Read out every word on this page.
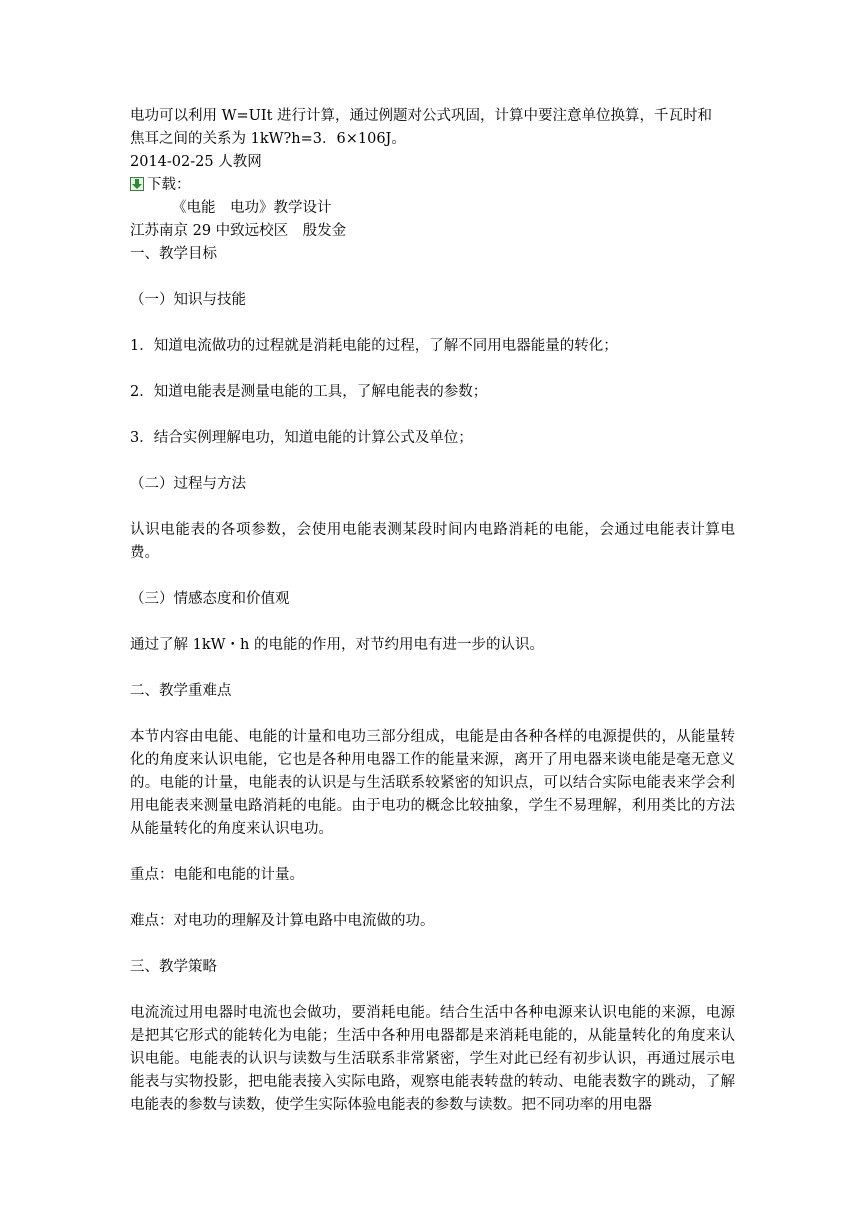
电功可以利用 W=UIt 进行计算，通过例题对公式巩固，计算中要注意单位换算，千瓦时和

焦耳之间的关系为 1kW?h=3．6×106J。

2014-02-25 人教网

下载：

《电能　电功》教学设计

江苏南京 29 中致远校区　殷发金

一、教学目标

（一）知识与技能

1．知道电流做功的过程就是消耗电能的过程，了解不同用电器能量的转化；

2．知道电能表是测量电能的工具，了解电能表的参数；

3．结合实例理解电功，知道电能的计算公式及单位；

（二）过程与方法

认识电能表的各项参数，会使用电能表测某段时间内电路消耗的电能，会通过电能表计算电费。

（三）情感态度和价值观

通过了解 1kW・h 的电能的作用，对节约用电有进一步的认识。

二、教学重难点

本节内容由电能、电能的计量和电功三部分组成，电能是由各种各样的电源提供的，从能量转化的角度来认识电能，它也是各种用电器工作的能量来源，离开了用电器来谈电能是毫无意义的。电能的计量，电能表的认识是与生活联系较紧密的知识点，可以结合实际电能表来学会利用电能表来测量电路消耗的电能。由于电功的概念比较抽象，学生不易理解，利用类比的方法从能量转化的角度来认识电功。

重点：电能和电能的计量。

难点：对电功的理解及计算电路中电流做的功。

三、教学策略

电流流过用电器时电流也会做功，要消耗电能。结合生活中各种电源来认识电能的来源，电源是把其它形式的能转化为电能；生活中各种用电器都是来消耗电能的，从能量转化的角度来认识电能。电能表的认识与读数与生活联系非常紧密，学生对此已经有初步认识，再通过展示电能表与实物投影，把电能表接入实际电路，观察电能表转盘的转动、电能表数字的跳动，了解电能表的参数与读数，使学生实际体验电能表的参数与读数。把不同功率的用电器
